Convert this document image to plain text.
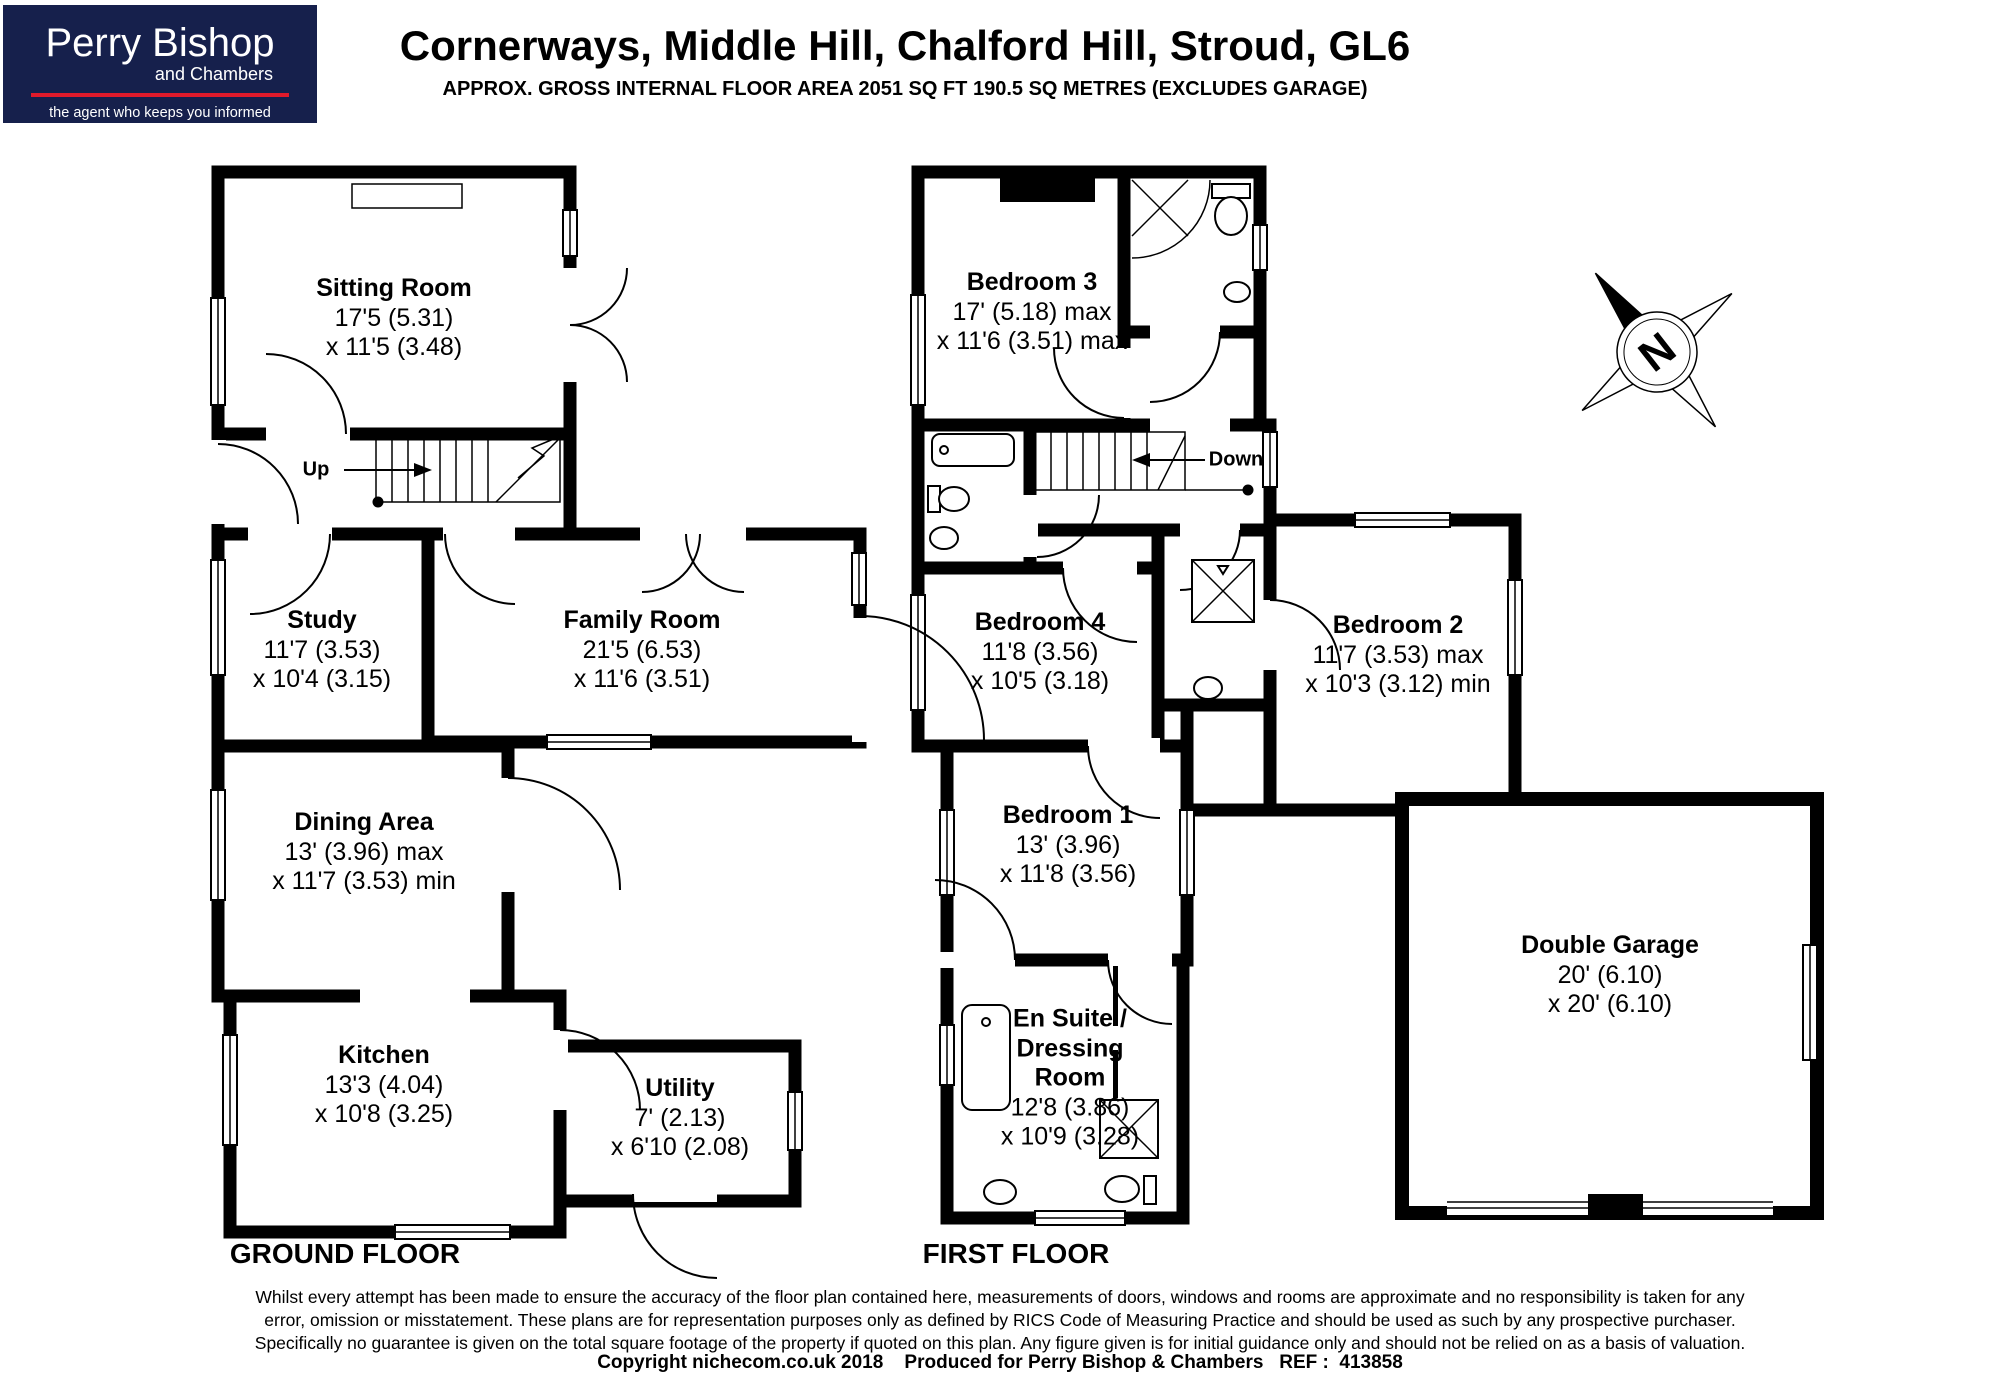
N
Perry Bishop
and Chambers
the agent who keeps you informed
Cornerways, Middle Hill, Chalford Hill, Stroud, GL6
APPROX. GROSS INTERNAL FLOOR AREA 2051 SQ FT 190.5 SQ METRES (EXCLUDES GARAGE)
Sitting Room
17'5 (5.31)
x 11'5 (3.48)
Study
11'7 (3.53)
x 10'4 (3.15)
Family Room
21'5 (6.53)
x 11'6 (3.51)
Dining Area
13' (3.96) max
x 11'7 (3.53) min
Kitchen
13'3 (4.04)
x 10'8 (3.25)
Utility
7' (2.13)
x 6'10 (2.08)
Bedroom 3
17' (5.18) max
x 11'6 (3.51) max
Bedroom 4
11'8 (3.56)
x 10'5 (3.18)
Bedroom 2
11'7 (3.53) max
x 10'3 (3.12) min
Bedroom 1
13' (3.96)
x 11'8 (3.56)
En Suite / Dressing Room
12'8 (3.86)
x 10'9 (3.28)
Double Garage
20' (6.10)
x 20' (6.10)
Up	Down
GROUND FLOOR	FIRST FLOOR
Whilst every attempt has been made to ensure the accuracy of the floor plan contained here, measurements of doors, windows and rooms are approximate and no responsibility is taken for any
error, omission or misstatement. These plans are for representation purposes only as defined by RICS Code of Measuring Practice and should be used as such by any prospective purchaser.
Specifically no guarantee is given on the total square footage of the property if quoted on this plan. Any figure given is for initial guidance only and should not be relied on as a basis of valuation.
Copyright nichecom.co.uk 2018    Produced for Perry Bishop & Chambers   REF :  413858
